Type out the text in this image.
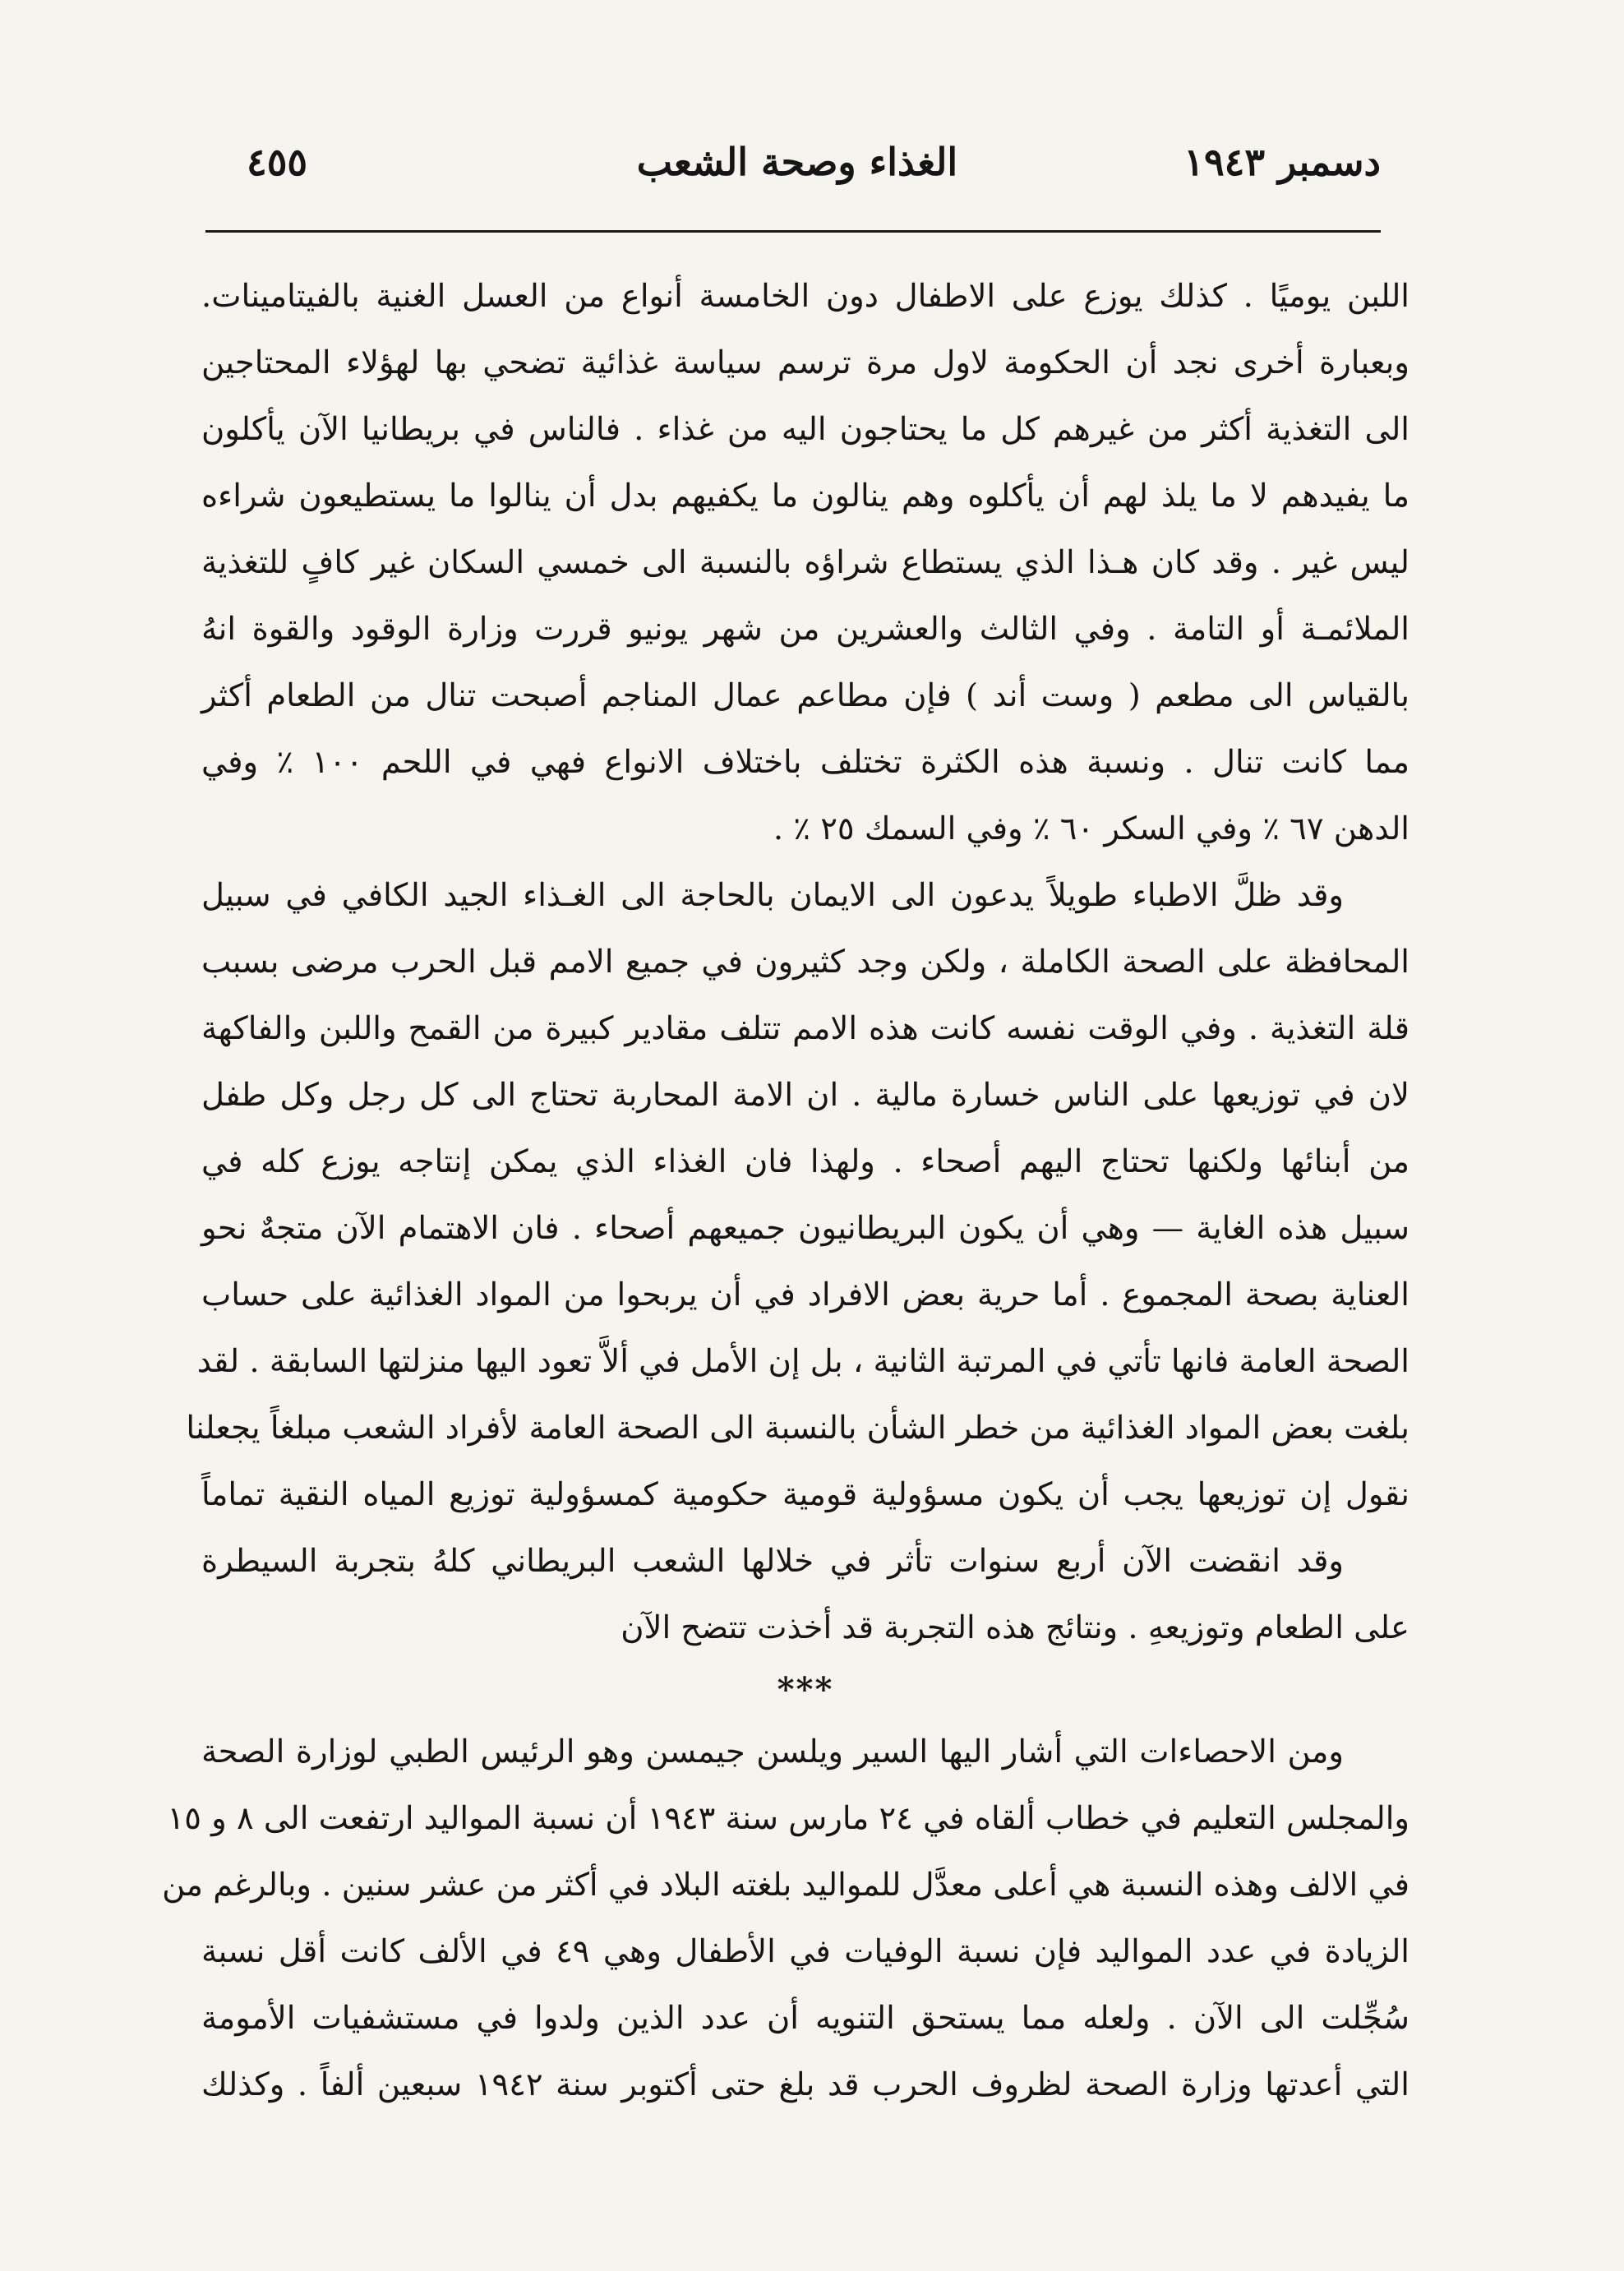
دسمبر ١٩٤٣
الغذاء وصحة الشعب
٤٥٥
اللبن يوميًا . كذلك يوزع على الاطفال دون الخامسة أنواع من العسل الغنية بالفيتامينات.
وبعبارة أخرى نجد أن الحكومة لاول مرة ترسم سياسة غذائية تضحي بها لهؤلاء المحتاجين
الى التغذية أكثر من غيرهم كل ما يحتاجون اليه من غذاء . فالناس في بريطانيا الآن يأكلون
ما يفيدهم لا ما يلذ لهم أن يأكلوه وهم ينالون ما يكفيهم بدل أن ينالوا ما يستطيعون شراءه
ليس غير . وقد كان هـذا الذي يستطاع شراؤه بالنسبة الى خمسي السكان غير كافٍ للتغذية
الملائمـة أو التامة . وفي الثالث والعشرين من شهر يونيو قررت وزارة الوقود والقوة انهُ
بالقياس الى مطعم ( وست أند ) فإن مطاعم عمال المناجم أصبحت تنال من الطعام أكثر
مما كانت تنال . ونسبة هذه الكثرة تختلف باختلاف الانواع فهي في اللحم ١٠٠ ٪ وفي
الدهن ٦٧ ٪ وفي السكر ٦٠ ٪ وفي السمك ٢٥ ٪ .
وقد ظلَّ الاطباء طويلاً يدعون الى الايمان بالحاجة الى الغـذاء الجيد الكافي في سبيل
المحافظة على الصحة الكاملة ، ولكن وجد كثيرون في جميع الامم قبل الحرب مرضى بسبب
قلة التغذية . وفي الوقت نفسه كانت هذه الامم تتلف مقادير كبيرة من القمح واللبن والفاكهة
لان في توزيعها على الناس خسارة مالية . ان الامة المحاربة تحتاج الى كل رجل وكل طفل
من أبنائها ولكنها تحتاج اليهم أصحاء . ولهذا فان الغذاء الذي يمكن إنتاجه يوزع كله في
سبيل هذه الغاية — وهي أن يكون البريطانيون جميعهم أصحاء . فان الاهتمام الآن متجهٌ نحو
العناية بصحة المجموع . أما حرية بعض الافراد في أن يربحوا من المواد الغذائية على حساب
الصحة العامة فانها تأتي في المرتبة الثانية ، بل إن الأمل في ألاَّ تعود اليها منزلتها السابقة . لقد
بلغت بعض المواد الغذائية من خطر الشأن بالنسبة الى الصحة العامة لأفراد الشعب مبلغاً يجعلنا
نقول إن توزيعها يجب أن يكون مسؤولية قومية حكومية كمسؤولية توزيع المياه النقية تماماً
وقد انقضت الآن أربع سنوات تأثر في خلالها الشعب البريطاني كلهُ بتجربة السيطرة
على الطعام وتوزيعهِ . ونتائج هذه التجربة قد أخذت تتضح الآن
***
ومن الاحصاءات التي أشار اليها السير ويلسن جيمسن وهو الرئيس الطبي لوزارة الصحة
والمجلس التعليم في خطاب ألقاه في ٢٤ مارس سنة ١٩٤٣ أن نسبة المواليد ارتفعت الى ٨ و ١٥
في الالف وهذه النسبة هي أعلى معدَّل للمواليد بلغته البلاد في أكثر من عشر سنين . وبالرغم من
الزيادة في عدد المواليد فإن نسبة الوفيات في الأطفال وهي ٤٩ في الألف كانت أقل نسبة
سُجِّلت الى الآن . ولعله مما يستحق التنويه أن عدد الذين ولدوا في مستشفيات الأمومة
التي أعدتها وزارة الصحة لظروف الحرب قد بلغ حتى أكتوبر سنة ١٩٤٢ سبعين ألفاً . وكذلك
